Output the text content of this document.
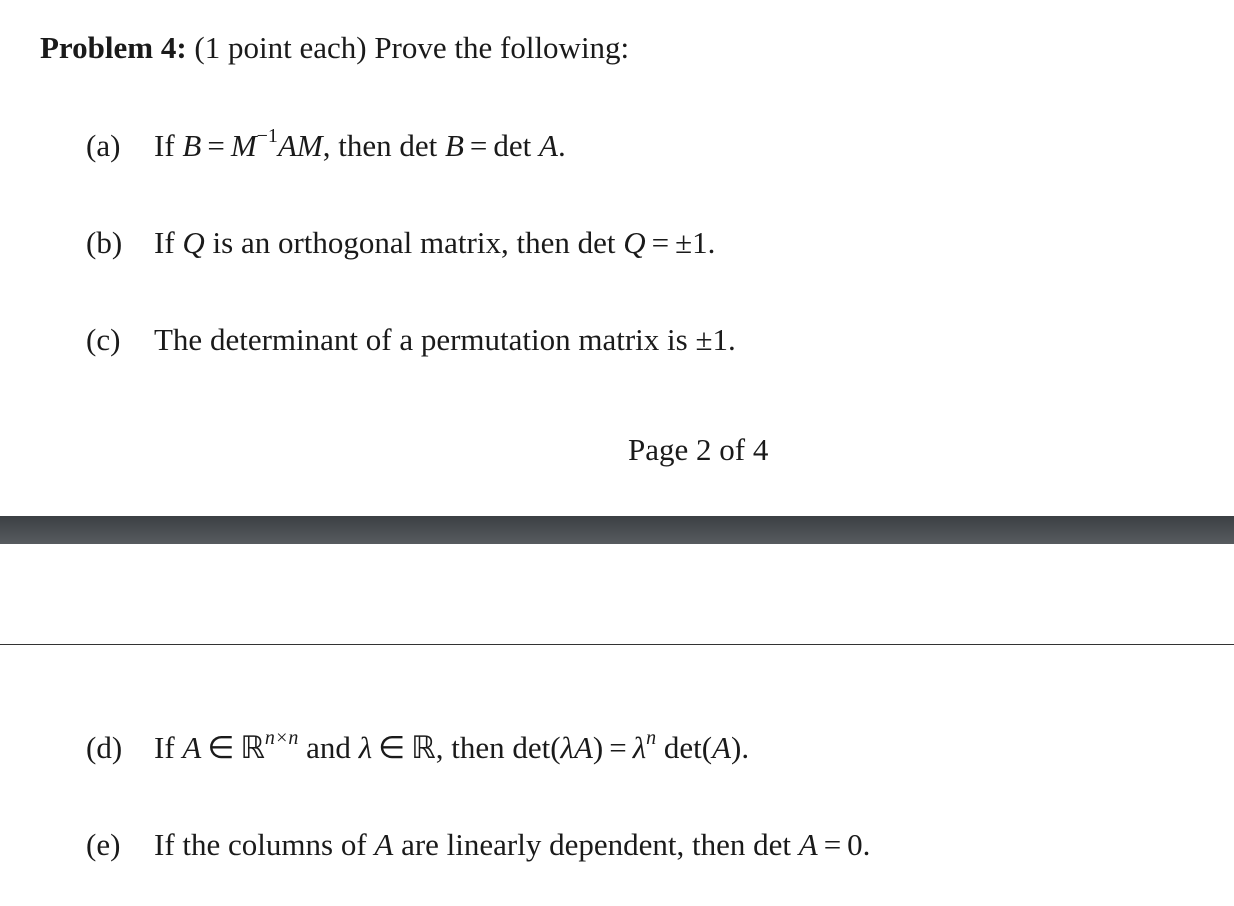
Problem 4: (1 point each) Prove the following:
(a) If $B = M^{-1}AM$, then det B = det A.
(b) If Q is an orthogonal matrix, then det Q = ±1.
(c) The determinant of a permutation matrix is ±1.
Page 2 of 4
(d) If A ∈ ℝ$^{n\times n}$ and λ ∈ ℝ, then $\det(\lambda A) = \lambda^n$ det(A).
(e) If the columns of A are linearly dependent, then det A = 0.
